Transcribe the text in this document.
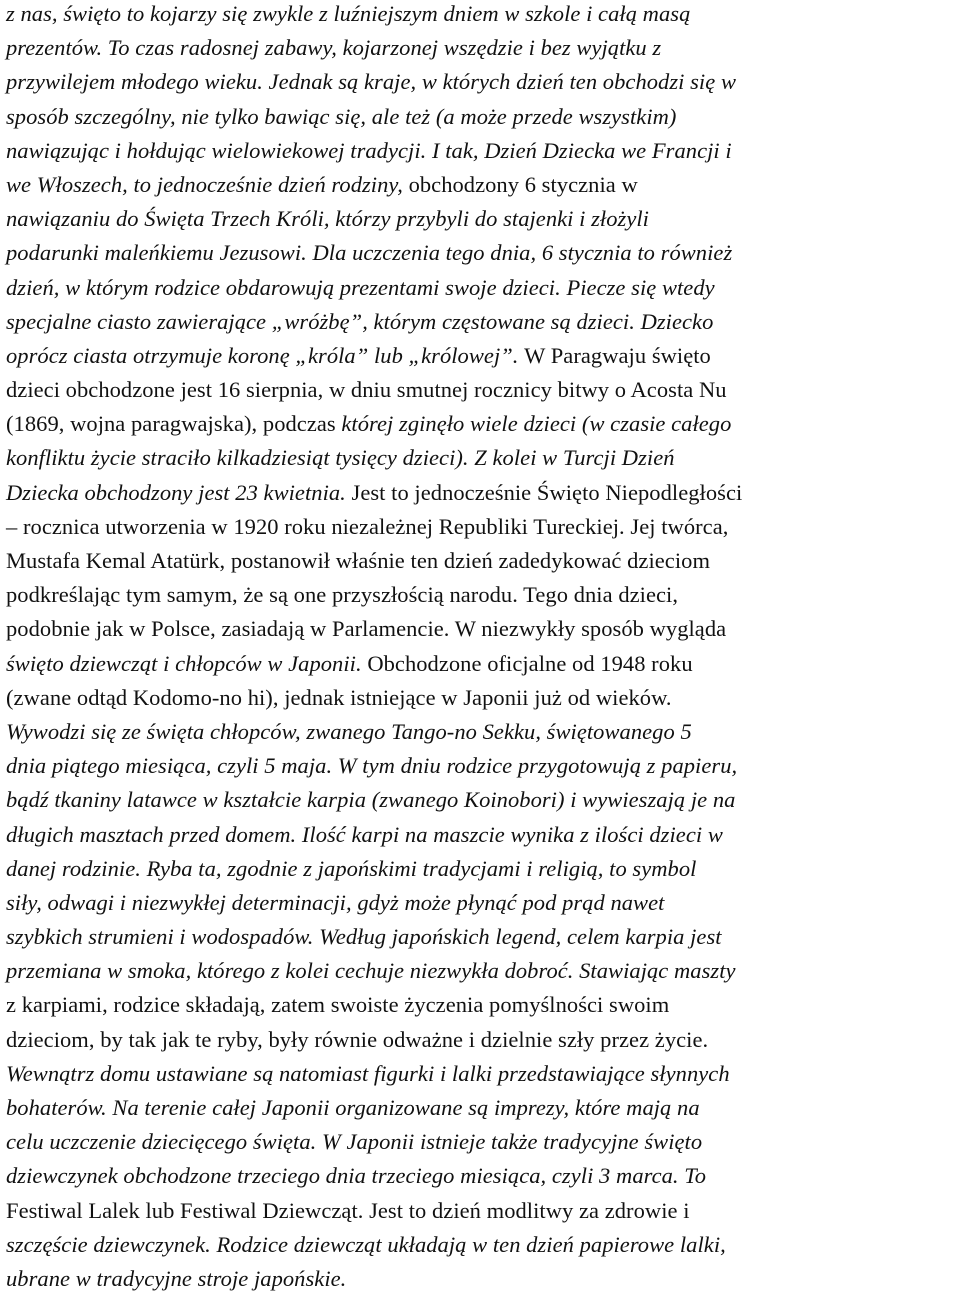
z nas, święto to kojarzy się zwykle z luźniejszym dniem w szkole i całą masą
prezentów. To czas radosnej zabawy, kojarzonej wszędzie i bez wyjątku z
przywilejem młodego wieku. Jednak są kraje, w których dzień ten obchodzi się w
sposób szczególny, nie tylko bawiąc się, ale też (a może przede wszystkim)
nawiązując i hołdując wielowiekowej tradycji. I tak, Dzień Dziecka we Francji i
we Włoszech, to jednocześnie dzień rodziny, obchodzony 6 stycznia w
nawiązaniu do Święta Trzech Króli, którzy przybyli do stajenki i złożyli
podarunki maleńkiemu Jezusowi. Dla uczczenia tego dnia, 6 stycznia to również
dzień, w którym rodzice obdarowują prezentami swoje dzieci. Piecze się wtedy
specjalne ciasto zawierające „wróżbę”, którym częstowane są dzieci. Dziecko
oprócz ciasta otrzymuje koronę „króla” lub „królowej”. W Paragwaju święto
dzieci obchodzone jest 16 sierpnia, w dniu smutnej rocznicy bitwy o Acosta Nu
(1869, wojna paragwajska), podczas której zginęło wiele dzieci (w czasie całego
konfliktu życie straciło kilkadziesiąt tysięcy dzieci). Z kolei w Turcji Dzień
Dziecka obchodzony jest 23 kwietnia. Jest to jednocześnie Święto Niepodległości
– rocznica utworzenia w 1920 roku niezależnej Republiki Tureckiej. Jej twórca,
Mustafa Kemal Atatürk, postanowił właśnie ten dzień zadedykować dzieciom
podkreślając tym samym, że są one przyszłością narodu. Tego dnia dzieci,
podobnie jak w Polsce, zasiadają w Parlamencie. W niezwykły sposób wygląda
święto dziewcząt i chłopców w Japonii. Obchodzone oficjalne od 1948 roku
(zwane odtąd Kodomo-no hi), jednak istniejące w Japonii już od wieków.
Wywodzi się ze święta chłopców, zwanego Tango-no Sekku, świętowanego 5
dnia piątego miesiąca, czyli 5 maja. W tym dniu rodzice przygotowują z papieru,
bądź tkaniny latawce w kształcie karpia (zwanego Koinobori) i wywieszają je na
długich masztach przed domem. Ilość karpi na maszcie wynika z ilości dzieci w
danej rodzinie. Ryba ta, zgodnie z japońskimi tradycjami i religią, to symbol
siły, odwagi i niezwykłej determinacji, gdyż może płynąć pod prąd nawet
szybkich strumieni i wodospadów. Według japońskich legend, celem karpia jest
przemiana w smoka, którego z kolei cechuje niezwykła dobroć. Stawiając maszty
z karpiami, rodzice składają, zatem swoiste życzenia pomyślności swoim
dzieciom, by tak jak te ryby, były równie odważne i dzielnie szły przez życie.
Wewnątrz domu ustawiane są natomiast figurki i lalki przedstawiające słynnych
bohaterów. Na terenie całej Japonii organizowane są imprezy, które mają na
celu uczczenie dziecięcego święta. W Japonii istnieje także tradycyjne święto
dziewczynek obchodzone trzeciego dnia trzeciego miesiąca, czyli 3 marca. To
Festiwal Lalek lub Festiwal Dziewcząt. Jest to dzień modlitwy za zdrowie i
szczęście dziewczynek. Rodzice dziewcząt układają w ten dzień papierowe lalki,
ubrane w tradycyjne stroje japońskie.
